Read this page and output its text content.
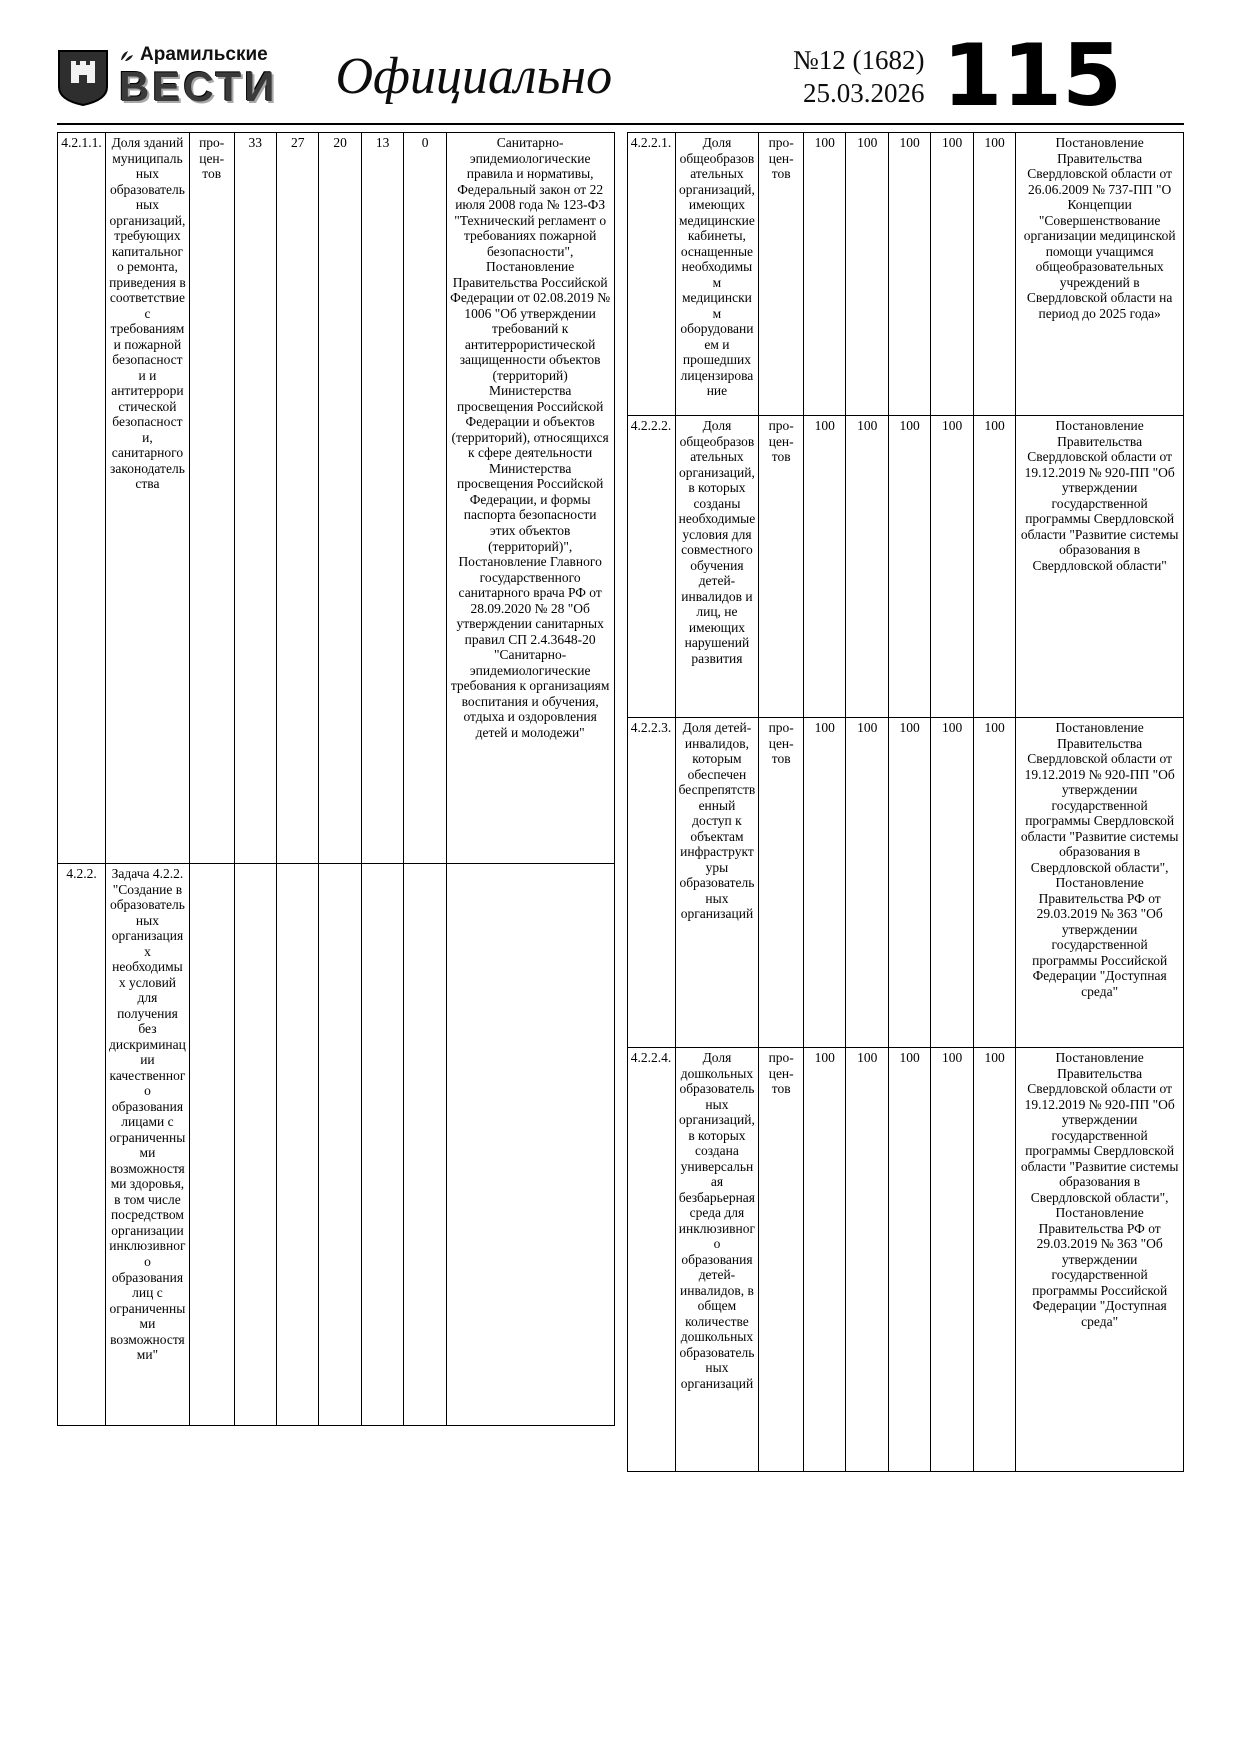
Арамильские
ВЕСТИ Официально	№12 (1682)
25.03.2026 115
4.2.1.1.	Доля зданий муниципальных образовательных организаций, требующих капитального ремонта, приведения в соответствие с требованиями пожарной безопасности и антитеррористической безопасности, санитарного законодательства	про-цен-тов	33	27	20	13	0	Санитарно-эпидемиологические правила и нормативы, Федеральный закон от 22 июля 2008 года № 123-ФЗ "Технический регламент о требованиях пожарной безопасности", Постановление Правительства Российской Федерации от 02.08.2019 № 1006 "Об утверждении требований к антитеррористической защищенности объектов (территорий) Министерства просвещения Российской Федерации и объектов (территорий), относящихся к сфере деятельности Министерства просвещения Российской Федерации, и формы паспорта безопасности этих объектов (территорий)", Постановление Главного государственного санитарного врача РФ от 28.09.2020 № 28 "Об утверждении санитарных правил СП 2.4.3648-20 "Санитарно-эпидемиологические требования к организациям воспитания и обучения, отдыха и оздоровления детей и молодежи"
4.2.2.	Задача 4.2.2. "Создание в образовательных организациях необходимых условий для получения без дискриминации качественного образования лицами с ограниченными возможностями здоровья, в том числе посредством организации инклюзивного образования лиц с ограниченными возможностями"							
4.2.2.1.	Доля общеобразовательных организаций, имеющих медицинские кабинеты, оснащенные необходимым медицинским оборудованием и прошедших лицензирование	про-цен-тов	100	100	100	100	100	Постановление Правительства Свердловской области от 26.06.2009 № 737-ПП "О Концепции "Совершенствование организации медицинской помощи учащимся общеобразовательных учреждений в Свердловской области на период до 2025 года»
4.2.2.2.	Доля общеобразовательных организаций, в которых созданы необходимые условия для совместного обучения детей-инвалидов и лиц, не имеющих нарушений развития	про-цен-тов	100	100	100	100	100	Постановление Правительства Свердловской области от 19.12.2019 № 920-ПП "Об утверждении государственной программы Свердловской области "Развитие системы образования в Свердловской области"
4.2.2.3.	Доля детей-инвалидов, которым обеспечен беспрепятственный доступ к объектам инфраструктуры образовательных организаций	про-цен-тов	100	100	100	100	100	Постановление Правительства Свердловской области от 19.12.2019 № 920-ПП "Об утверждении государственной программы Свердловской области "Развитие системы образования в Свердловской области", Постановление Правительства РФ от 29.03.2019 № 363 "Об утверждении государственной программы Российской Федерации "Доступная среда"
4.2.2.4.	Доля дошкольных образовательных организаций, в которых создана универсальная безбарьерная среда для инклюзивного образования детей-инвалидов, в общем количестве дошкольных образовательных организаций	про-цен-тов	100	100	100	100	100	Постановление Правительства Свердловской области от 19.12.2019 № 920-ПП "Об утверждении государственной программы Свердловской области "Развитие системы образования в Свердловской области", Постановление Правительства РФ от 29.03.2019 № 363 "Об утверждении государственной программы Российской Федерации "Доступная среда"
